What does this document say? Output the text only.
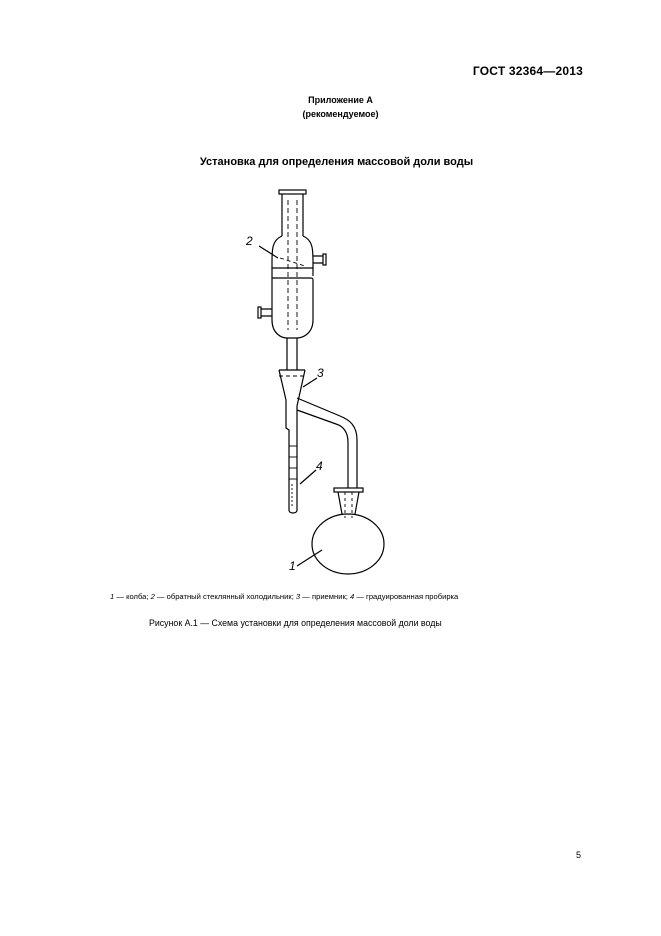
ГОСТ 32364—2013
Приложение А
(рекомендуемое)
Установка для определения массовой доли воды
2
3
4
1
1 — колба; 2 — обратный стеклянный холодильник; 3 — приемник; 4 — градуированная пробирка
Рисунок А.1 — Схема установки для определения массовой доли воды
5
